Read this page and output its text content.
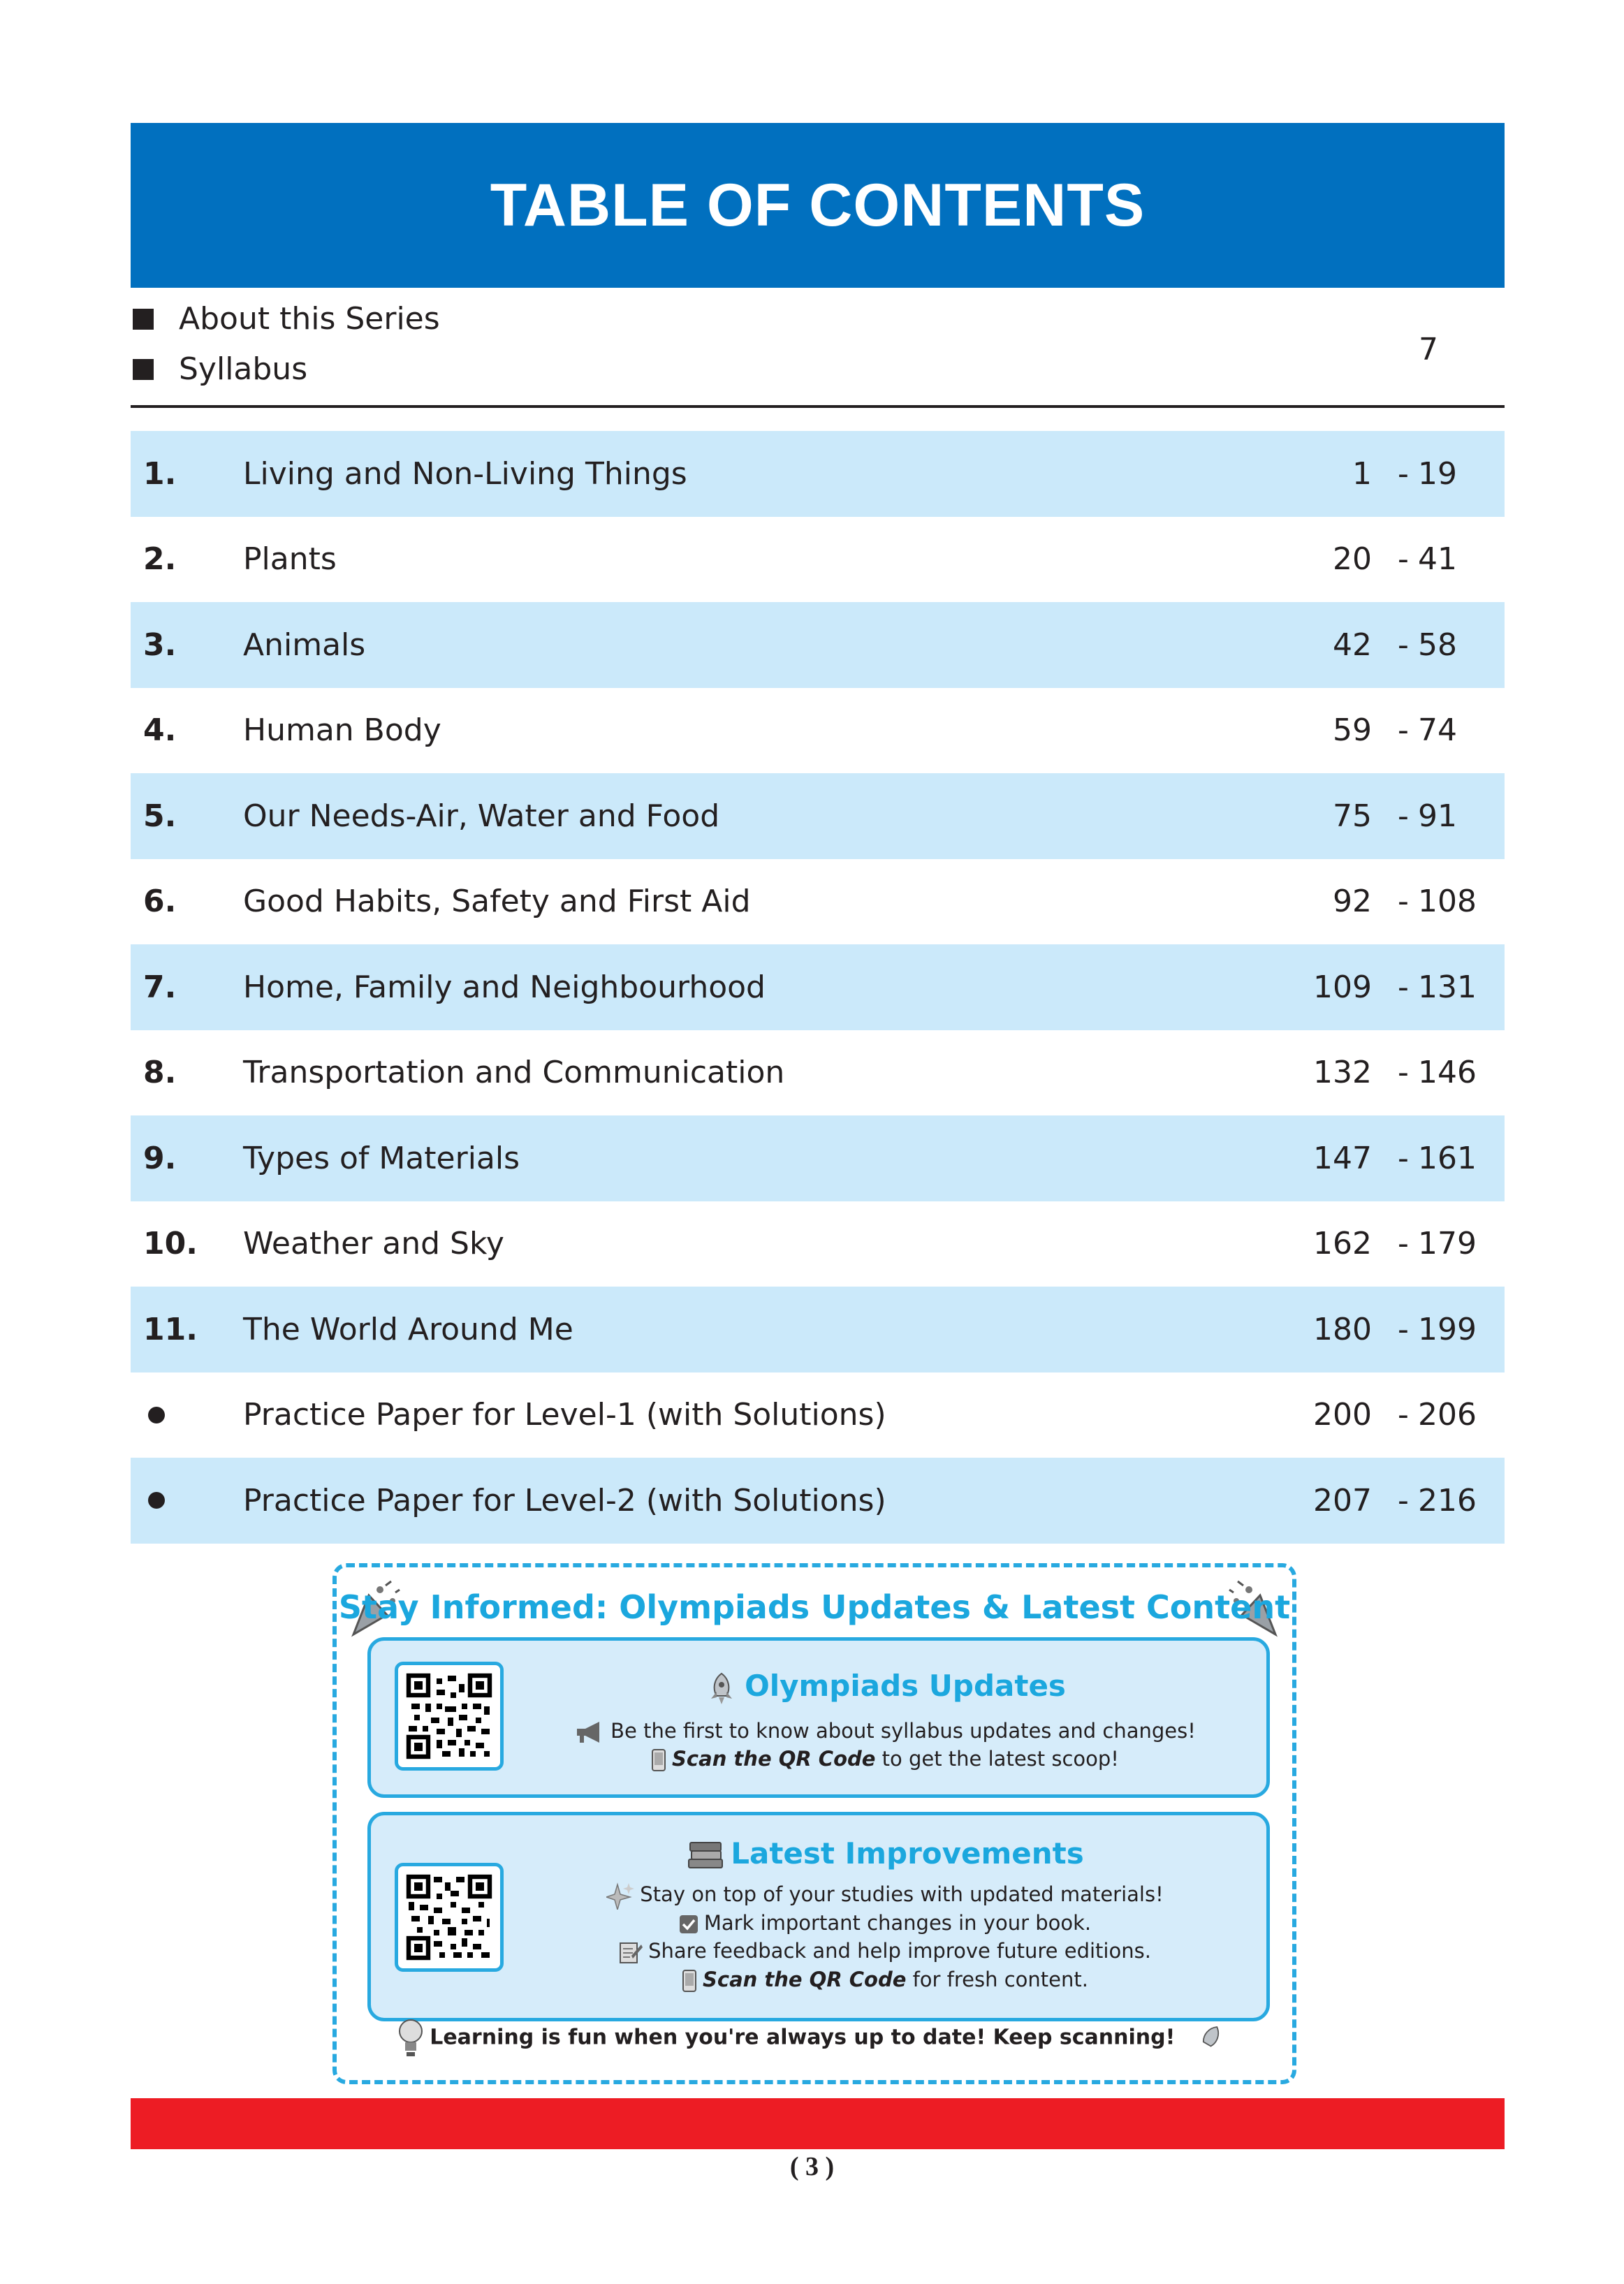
TABLE OF CONTENTS
About this Series
Syllabus
7
1. Living and Non-Living Things	1 - 19
2. Plants	20 - 41
3. Animals	42 - 58
4. Human Body	59 - 74
5. Our Needs-Air, Water and Food	75 - 91
6. Good Habits, Safety and First Aid	92 - 108
7. Home, Family and Neighbourhood	109 - 131
8. Transportation and Communication	132 - 146
9. Types of Materials	147 - 161
10. Weather and Sky	162 - 179
11. The World Around Me	180 - 199
Practice Paper for Level-1 (with Solutions)	200 - 206
Practice Paper for Level-2 (with Solutions)	207 - 216
Stay Informed: Olympiads Updates & Latest Content
Olympiads Updates
Be the first to know about syllabus updates and changes!
Scan the QR Code to get the latest scoop!
Latest Improvements
Stay on top of your studies with updated materials!
Mark important changes in your book.
Share feedback and help improve future editions.
Scan the QR Code for fresh content.
Learning is fun when you're always up to date! Keep scanning!
( 3 )
